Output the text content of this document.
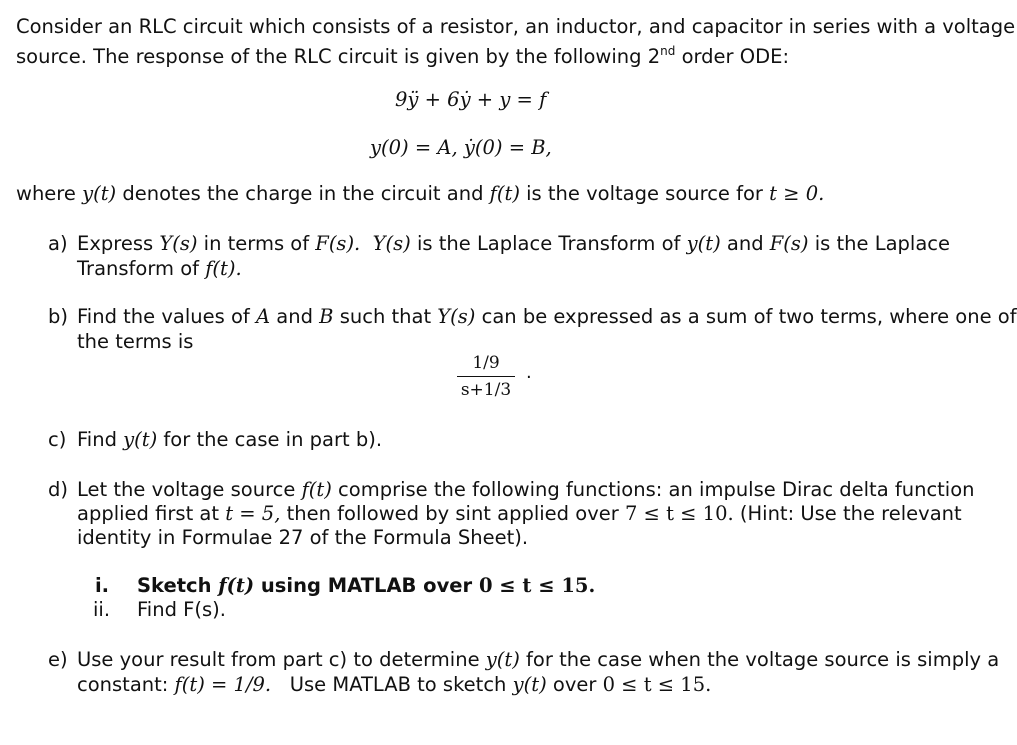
Consider an RLC circuit which consists of a resistor, an inductor, and capacitor in series with a voltage
source. The response of the RLC circuit is given by the following 2nd order ODE:
9ÿ + 6ẏ + y = f
y(0) = A, ẏ(0) = B,
where y(t) denotes the charge in the circuit and f(t) is the voltage source for t ≥ 0.
a) Express Y(s) in terms of F(s). Y(s) is the Laplace Transform of y(t) and F(s) is the Laplace
Transform of f(t).
b) Find the values of A and B such that Y(s) can be expressed as a sum of two terms, where one of
the terms is
1/9
s+1/3
.
c) Find y(t) for the case in part b).
d) Let the voltage source f(t) comprise the following functions: an impulse Dirac delta function
applied first at t = 5, then followed by sint applied over 7 ≤ t ≤ 10. (Hint: Use the relevant
identity in Formulae 27 of the Formula Sheet).
i. Sketch f(t) using MATLAB over 0 ≤ t ≤ 15.
ii. Find F(s).
e) Use your result from part c) to determine y(t) for the case when the voltage source is simply a
constant: f(t) = 1/9.   Use MATLAB to sketch y(t) over 0 ≤ t ≤ 15.
